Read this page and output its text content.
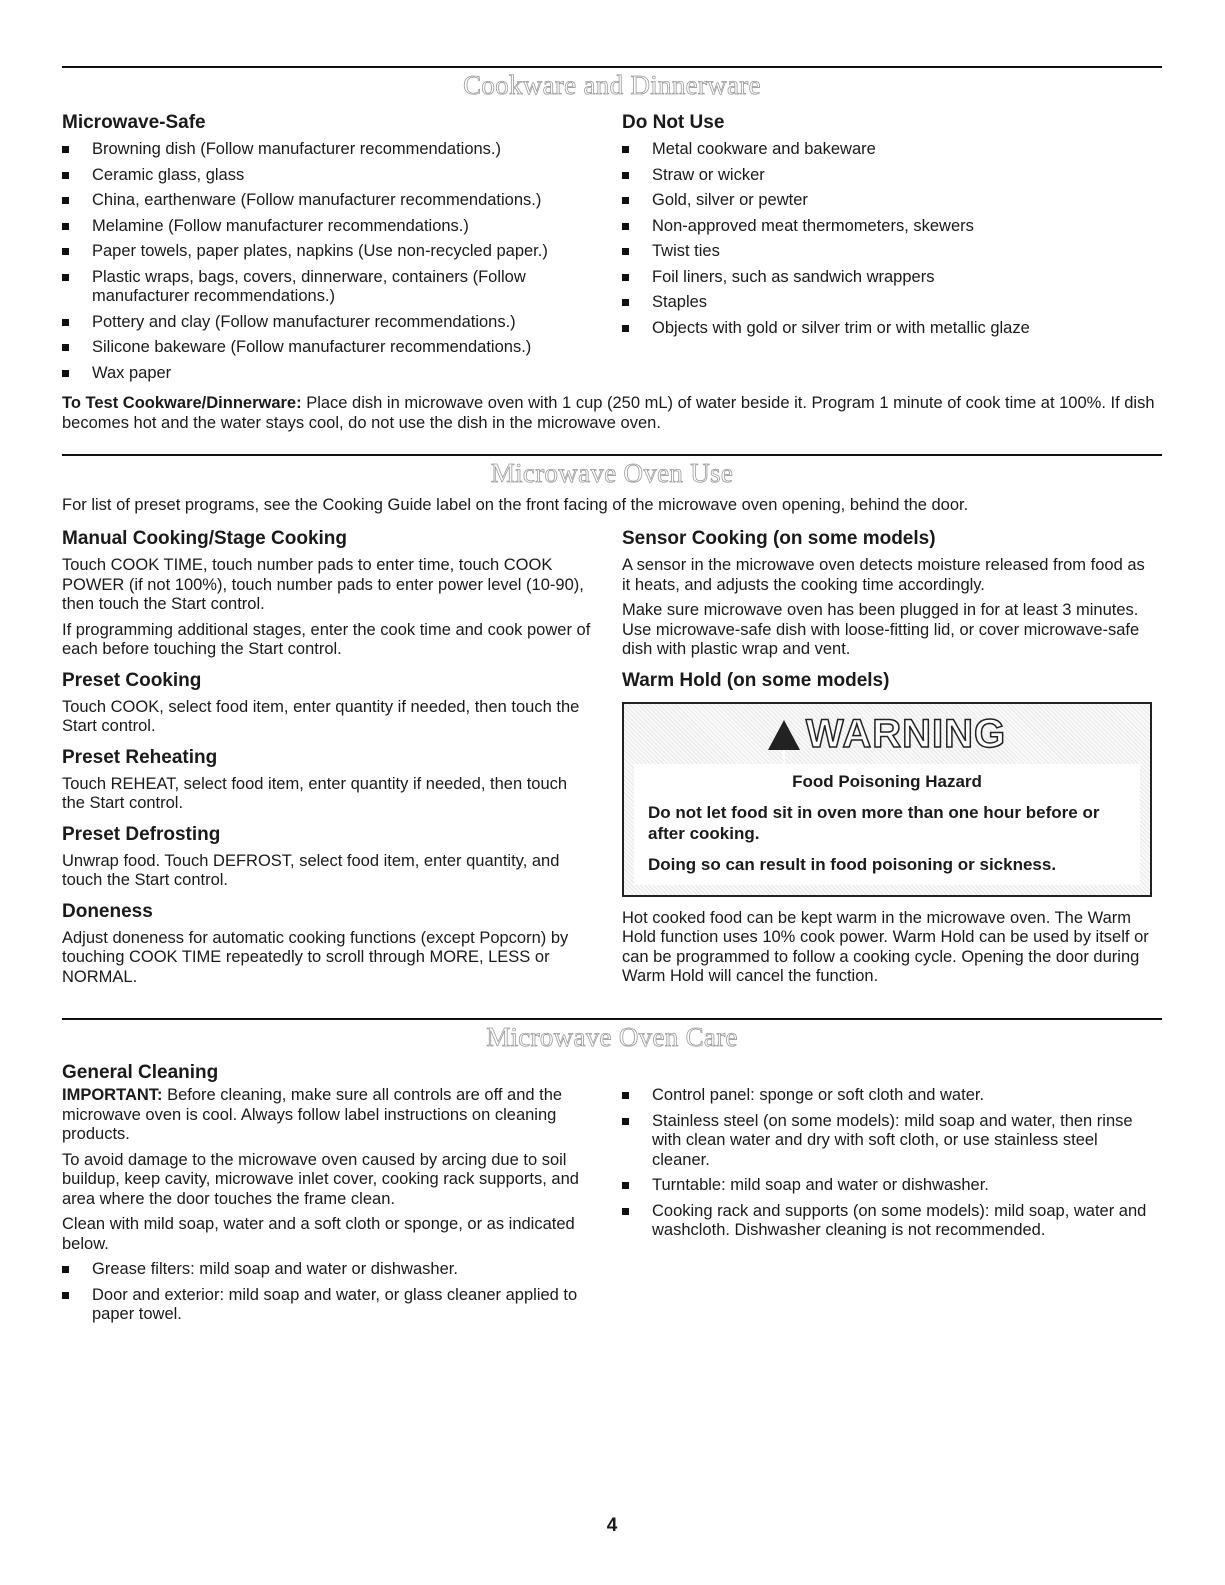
Cookware and Dinnerware
Microwave-Safe
Browning dish (Follow manufacturer recommendations.)
Ceramic glass, glass
China, earthenware (Follow manufacturer recommendations.)
Melamine (Follow manufacturer recommendations.)
Paper towels, paper plates, napkins (Use non-recycled paper.)
Plastic wraps, bags, covers, dinnerware, containers (Follow manufacturer recommendations.)
Pottery and clay (Follow manufacturer recommendations.)
Silicone bakeware (Follow manufacturer recommendations.)
Wax paper
Do Not Use
Metal cookware and bakeware
Straw or wicker
Gold, silver or pewter
Non-approved meat thermometers, skewers
Twist ties
Foil liners, such as sandwich wrappers
Staples
Objects with gold or silver trim or with metallic glaze
To Test Cookware/Dinnerware: Place dish in microwave oven with 1 cup (250 mL) of water beside it. Program 1 minute of cook time at 100%. If dish becomes hot and the water stays cool, do not use the dish in the microwave oven.
Microwave Oven Use
For list of preset programs, see the Cooking Guide label on the front facing of the microwave oven opening, behind the door.
Manual Cooking/Stage Cooking
Touch COOK TIME, touch number pads to enter time, touch COOK POWER (if not 100%), touch number pads to enter power level (10-90), then touch the Start control.
If programming additional stages, enter the cook time and cook power of each before touching the Start control.
Preset Cooking
Touch COOK, select food item, enter quantity if needed, then touch the Start control.
Preset Reheating
Touch REHEAT, select food item, enter quantity if needed, then touch the Start control.
Preset Defrosting
Unwrap food. Touch DEFROST, select food item, enter quantity, and touch the Start control.
Doneness
Adjust doneness for automatic cooking functions (except Popcorn) by touching COOK TIME repeatedly to scroll through MORE, LESS or NORMAL.
Sensor Cooking (on some models)
A sensor in the microwave oven detects moisture released from food as it heats, and adjusts the cooking time accordingly.
Make sure microwave oven has been plugged in for at least 3 minutes. Use microwave-safe dish with loose-fitting lid, or cover microwave-safe dish with plastic wrap and vent.
Warm Hold (on some models)
!
WARNING
Food Poisoning Hazard
Do not let food sit in oven more than one hour before or after cooking.
Doing so can result in food poisoning or sickness.
Hot cooked food can be kept warm in the microwave oven. The Warm Hold function uses 10% cook power. Warm Hold can be used by itself or can be programmed to follow a cooking cycle. Opening the door during Warm Hold will cancel the function.
Microwave Oven Care
General Cleaning
IMPORTANT: Before cleaning, make sure all controls are off and the microwave oven is cool. Always follow label instructions on cleaning products.
To avoid damage to the microwave oven caused by arcing due to soil buildup, keep cavity, microwave inlet cover, cooking rack supports, and area where the door touches the frame clean.
Clean with mild soap, water and a soft cloth or sponge, or as indicated below.
Grease filters: mild soap and water or dishwasher.
Door and exterior: mild soap and water, or glass cleaner applied to paper towel.
Control panel: sponge or soft cloth and water.
Stainless steel (on some models): mild soap and water, then rinse with clean water and dry with soft cloth, or use stainless steel cleaner.
Turntable: mild soap and water or dishwasher.
Cooking rack and supports (on some models): mild soap, water and washcloth. Dishwasher cleaning is not recommended.
4
